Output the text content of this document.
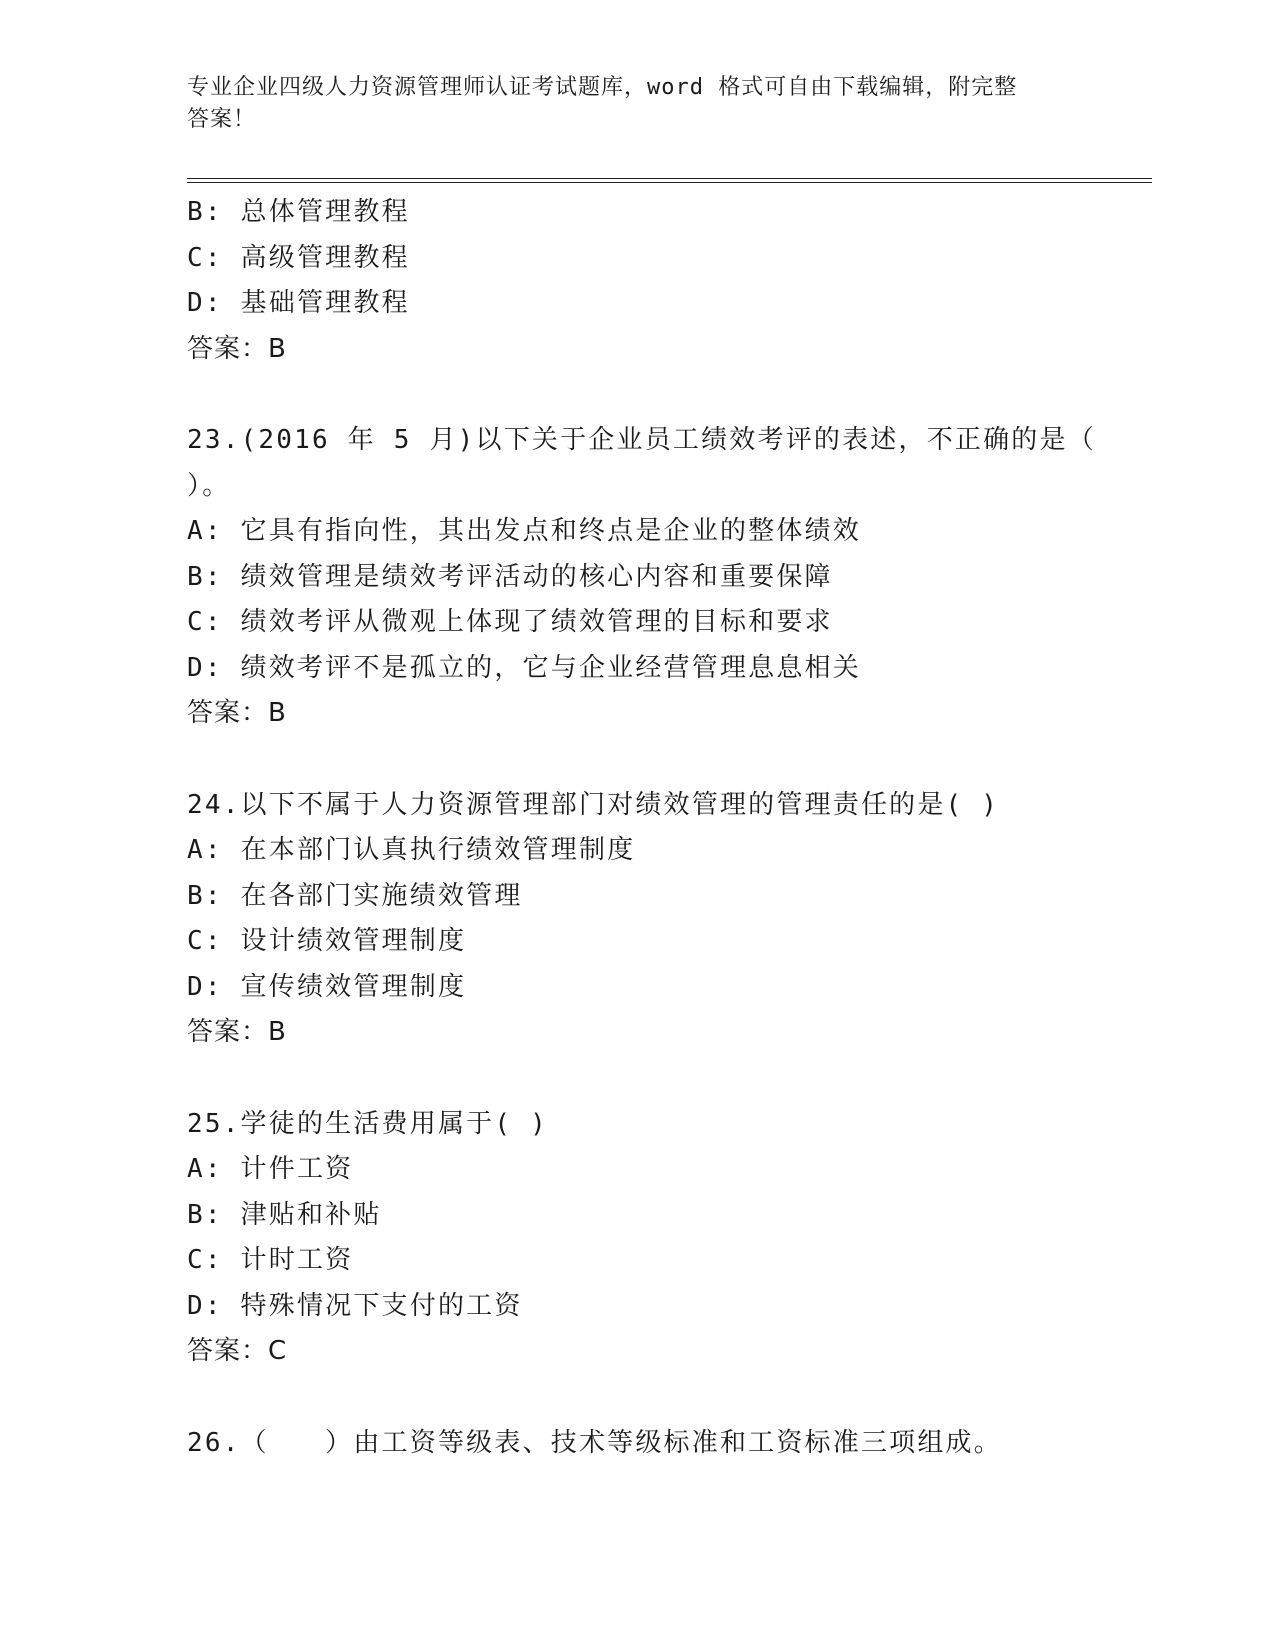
专业企业四级人力资源管理师认证考试题库，word 格式可自由下载编辑，附完整
答案！
B: 总体管理教程
C: 高级管理教程
D: 基础管理教程
答案：B
23.(2016 年 5 月)以下关于企业员工绩效考评的表述，不正确的是（
）。
A: 它具有指向性，其出发点和终点是企业的整体绩效
B: 绩效管理是绩效考评活动的核心内容和重要保障
C: 绩效考评从微观上体现了绩效管理的目标和要求
D: 绩效考评不是孤立的，它与企业经营管理息息相关
答案：B
24.以下不属于人力资源管理部门对绩效管理的管理责任的是( )
A: 在本部门认真执行绩效管理制度
B: 在各部门实施绩效管理
C: 设计绩效管理制度
D: 宣传绩效管理制度
答案：B
25.学徒的生活费用属于( )
A: 计件工资
B: 津贴和补贴
C: 计时工资
D: 特殊情况下支付的工资
答案：C
26.（　　）由工资等级表、技术等级标准和工资标准三项组成。
